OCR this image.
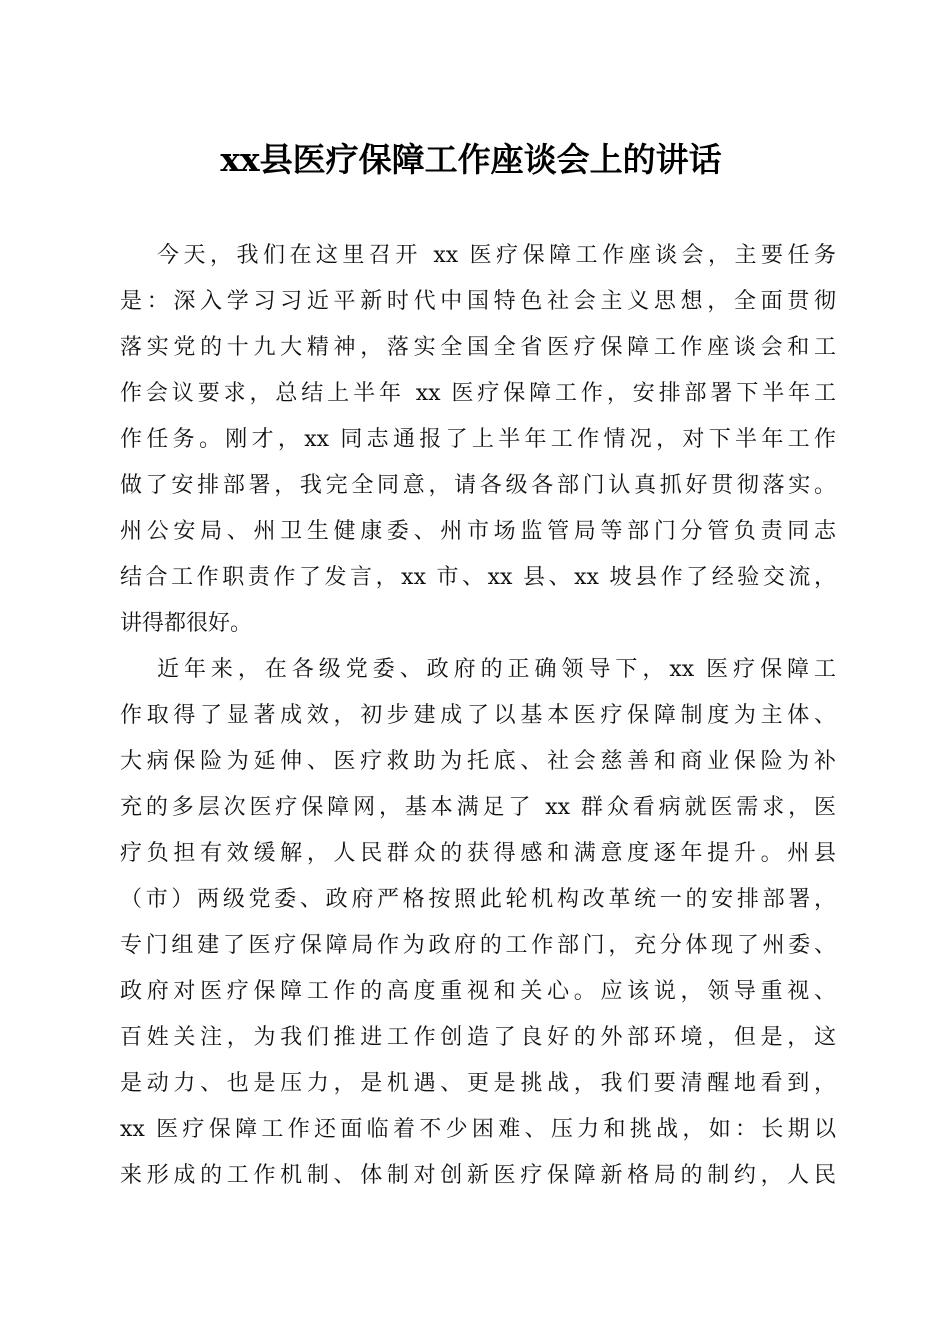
xx县医疗保障工作座谈会上的讲话
今天，我们在这里召开 xx 医疗保障工作座谈会，主要任务
是：深入学习习近平新时代中国特色社会主义思想，全面贯彻
落实党的十九大精神，落实全国全省医疗保障工作座谈会和工
作会议要求，总结上半年 xx 医疗保障工作，安排部署下半年工
作任务。刚才，xx 同志通报了上半年工作情况，对下半年工作
做了安排部署，我完全同意，请各级各部门认真抓好贯彻落实。
州公安局、州卫生健康委、州市场监管局等部门分管负责同志
结合工作职责作了发言，xx 市、xx 县、xx 坡县作了经验交流，
讲得都很好。
近年来，在各级党委、政府的正确领导下，xx 医疗保障工
作取得了显著成效，初步建成了以基本医疗保障制度为主体、
大病保险为延伸、医疗救助为托底、社会慈善和商业保险为补
充的多层次医疗保障网，基本满足了 xx 群众看病就医需求，医
疗负担有效缓解，人民群众的获得感和满意度逐年提升。州县
（市）两级党委、政府严格按照此轮机构改革统一的安排部署，
专门组建了医疗保障局作为政府的工作部门，充分体现了州委、
政府对医疗保障工作的高度重视和关心。应该说，领导重视、
百姓关注，为我们推进工作创造了良好的外部环境，但是，这
是动力、也是压力，是机遇、更是挑战，我们要清醒地看到，
xx 医疗保障工作还面临着不少困难、压力和挑战，如：长期以
来形成的工作机制、体制对创新医疗保障新格局的制约，人民
